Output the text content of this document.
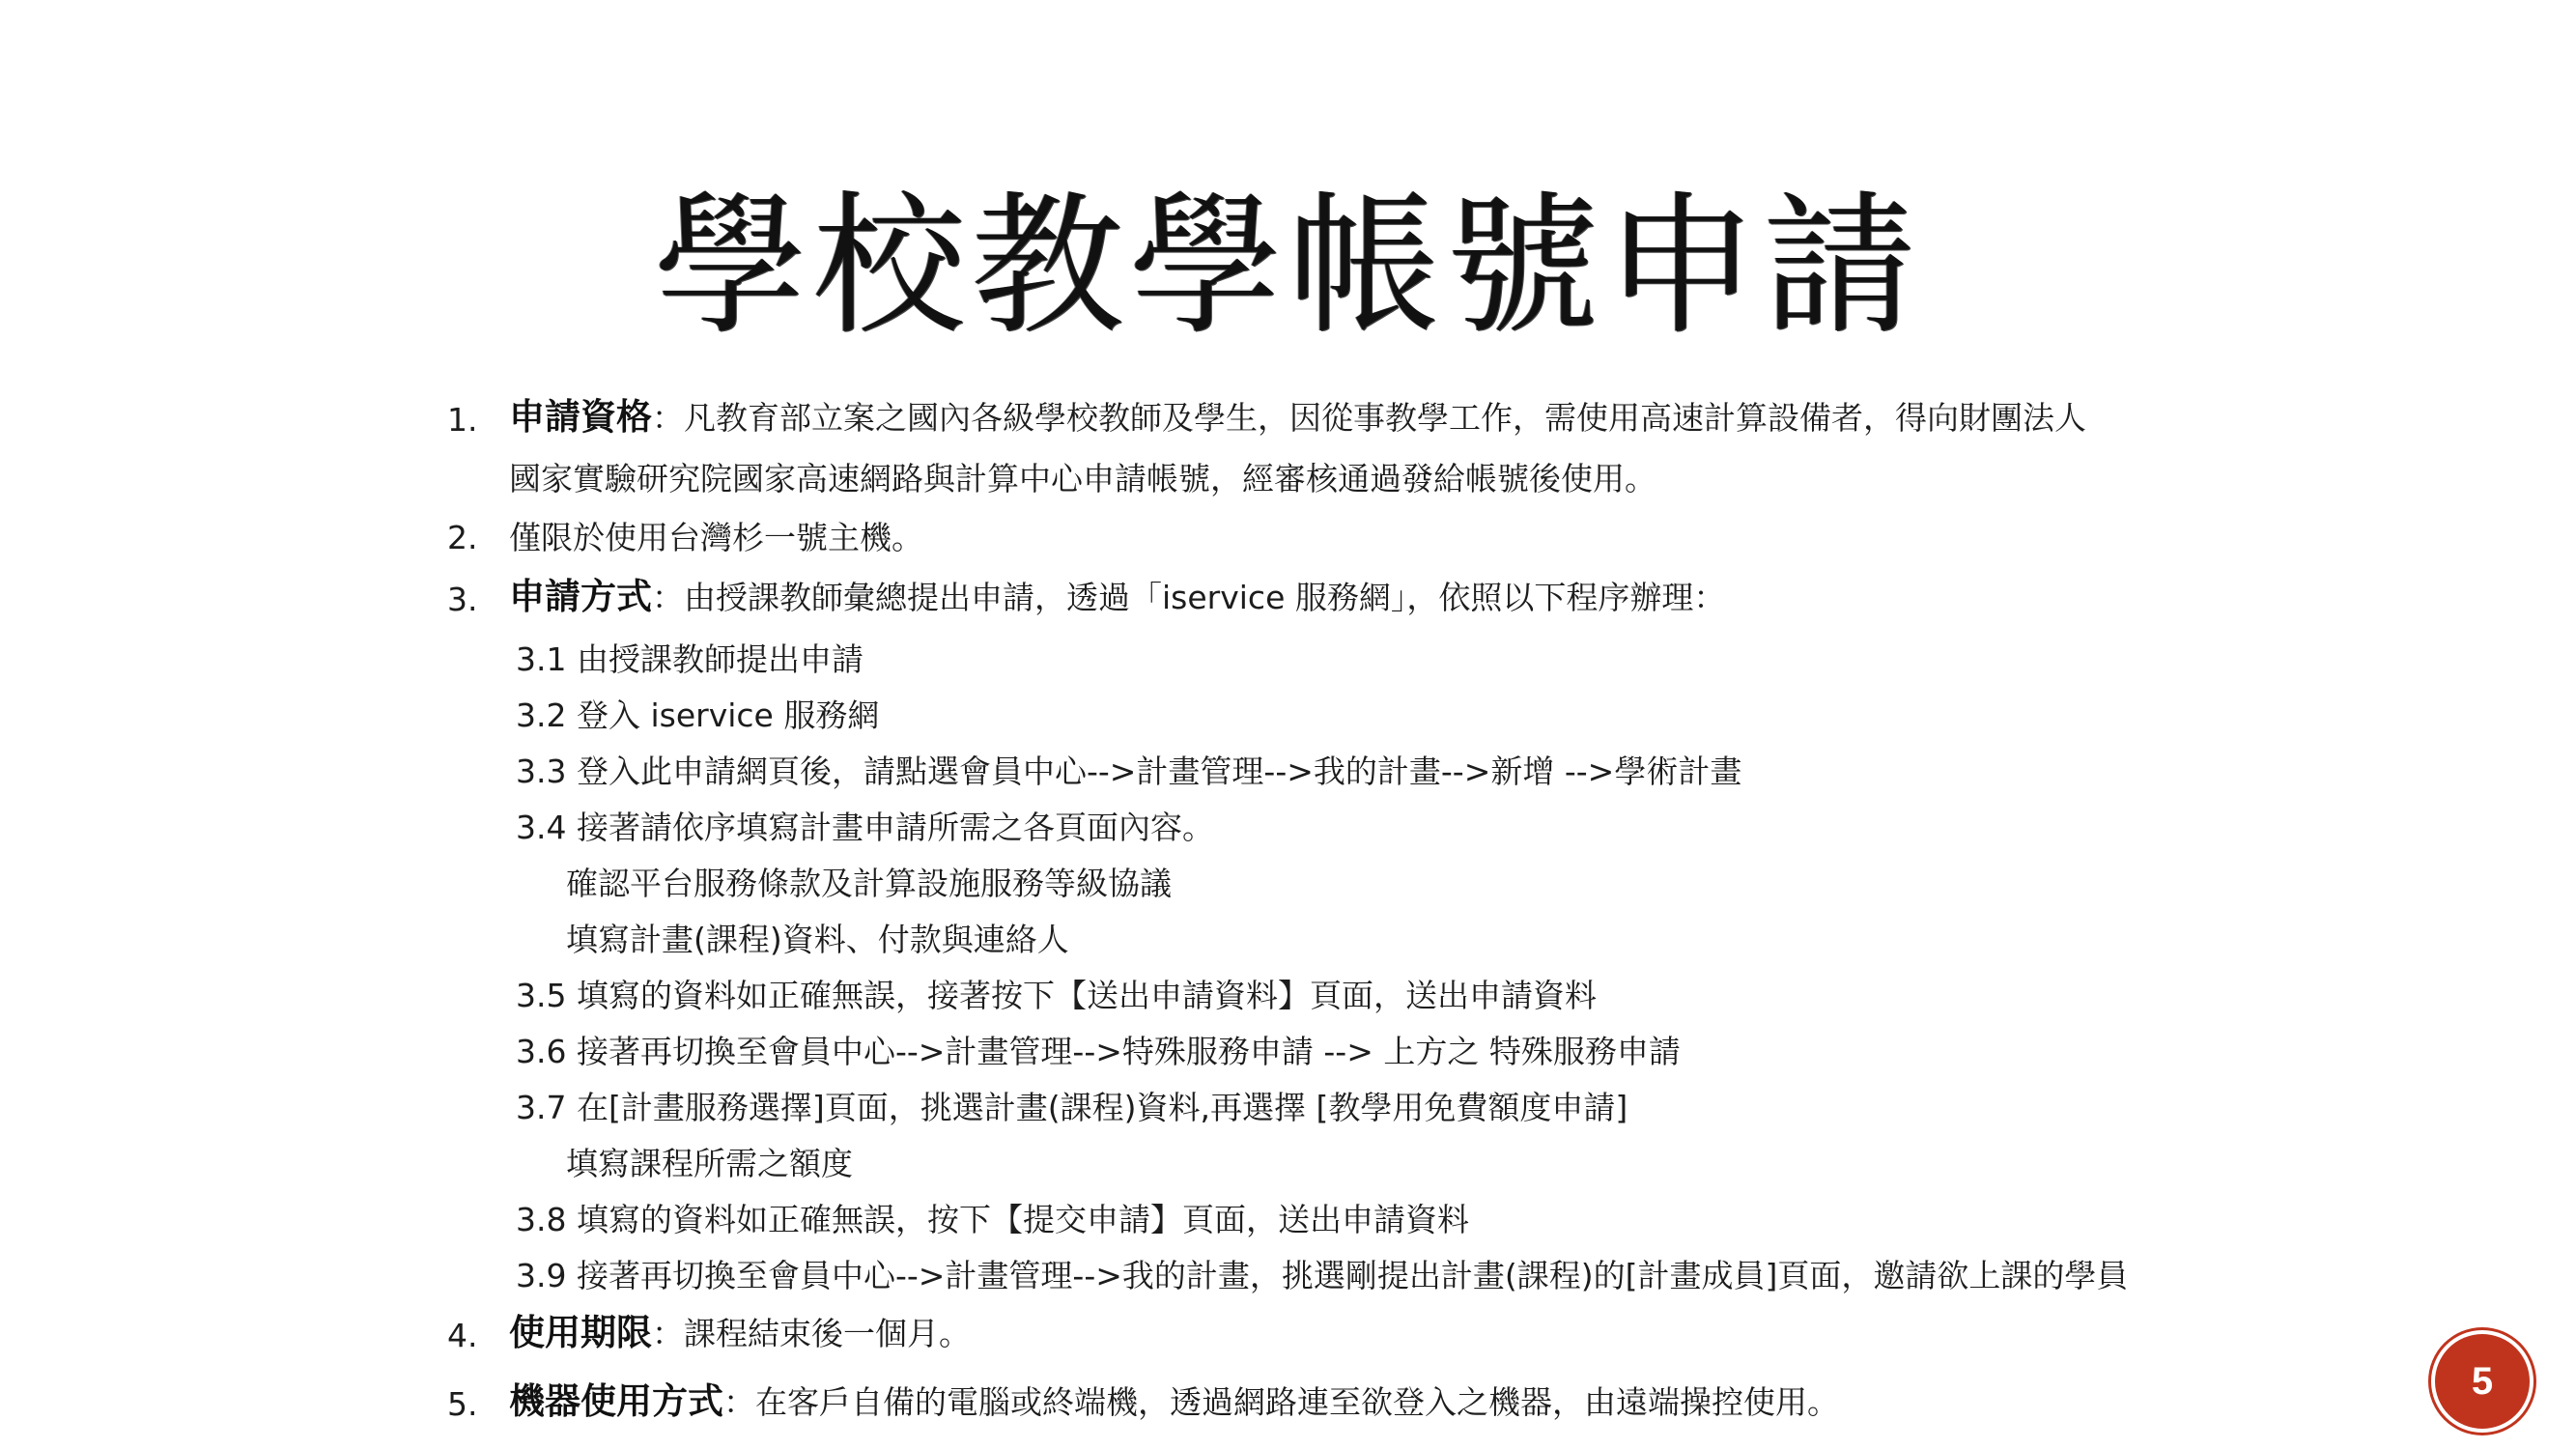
學校教學帳號申請
1. 申請資格：凡教育部立案之國內各級學校教師及學生，因從事教學工作，需使用高速計算設備者，得向財團法人
國家實驗研究院國家高速網路與計算中心申請帳號，經審核通過發給帳號後使用。
2. 僅限於使用台灣杉一號主機。
3. 申請方式：由授課教師彙總提出申請，透過「iservice 服務網」，依照以下程序辦理：
3.1 由授課教師提出申請
3.2 登入 iservice 服務網
3.3 登入此申請網頁後，請點選會員中心-->計畫管理-->我的計畫-->新增 -->學術計畫
3.4 接著請依序填寫計畫申請所需之各頁面內容。
確認平台服務條款及計算設施服務等級協議
填寫計畫(課程)資料、付款與連絡人
3.5 填寫的資料如正確無誤，接著按下【送出申請資料】頁面，送出申請資料
3.6 接著再切換至會員中心-->計畫管理-->特殊服務申請 --> 上方之 特殊服務申請
3.7 在[計畫服務選擇]頁面，挑選計畫(課程)資料,再選擇 [教學用免費額度申請]
填寫課程所需之額度
3.8 填寫的資料如正確無誤，按下【提交申請】頁面，送出申請資料
3.9 接著再切換至會員中心-->計畫管理-->我的計畫，挑選剛提出計畫(課程)的[計畫成員]頁面，邀請欲上課的學員
4. 使用期限：課程結束後一個月。
5. 機器使用方式：在客戶自備的電腦或終端機，透過網路連至欲登入之機器，由遠端操控使用。	5
